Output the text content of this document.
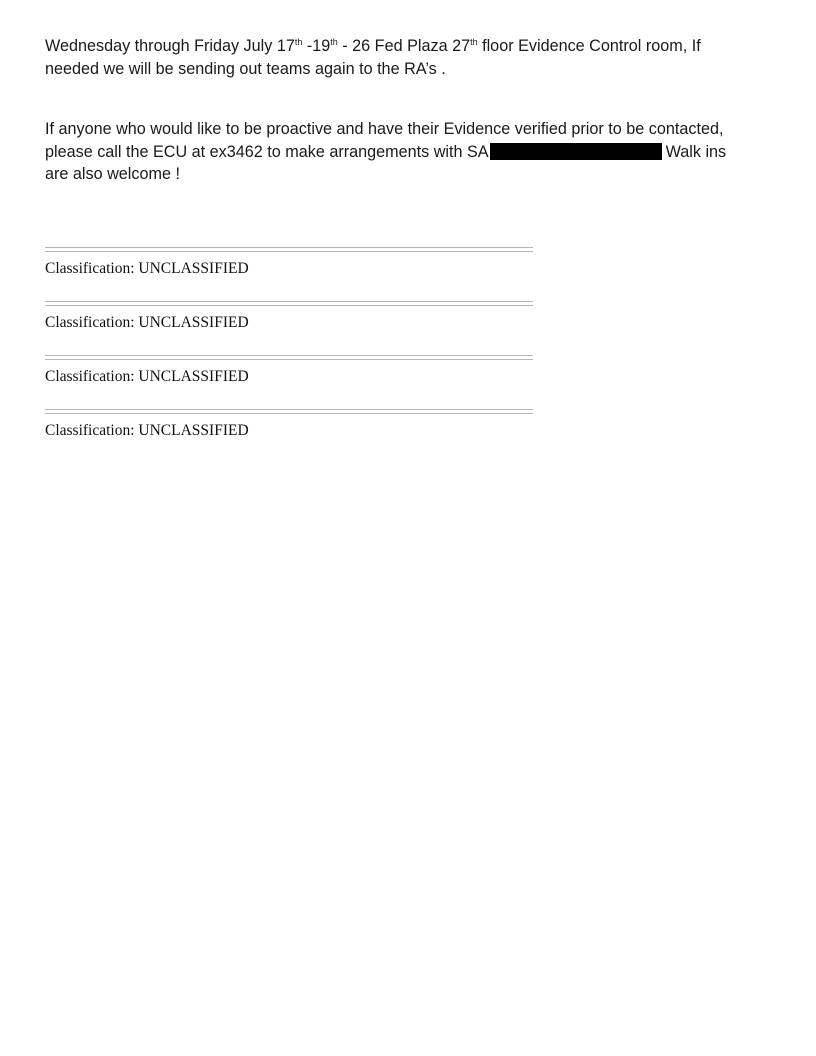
Wednesday through Friday July 17th -19th - 26 Fed Plaza 27th floor Evidence Control room, If
needed we will be sending out teams again to the RA’s .
If anyone who would like to be proactive and have their Evidence verified prior to be contacted,
please call the ECU at ex3462 to make arrangements with SA	Walk ins
are also welcome !
Classification: UNCLASSIFIED
Classification: UNCLASSIFIED
Classification: UNCLASSIFIED
Classification: UNCLASSIFIED
